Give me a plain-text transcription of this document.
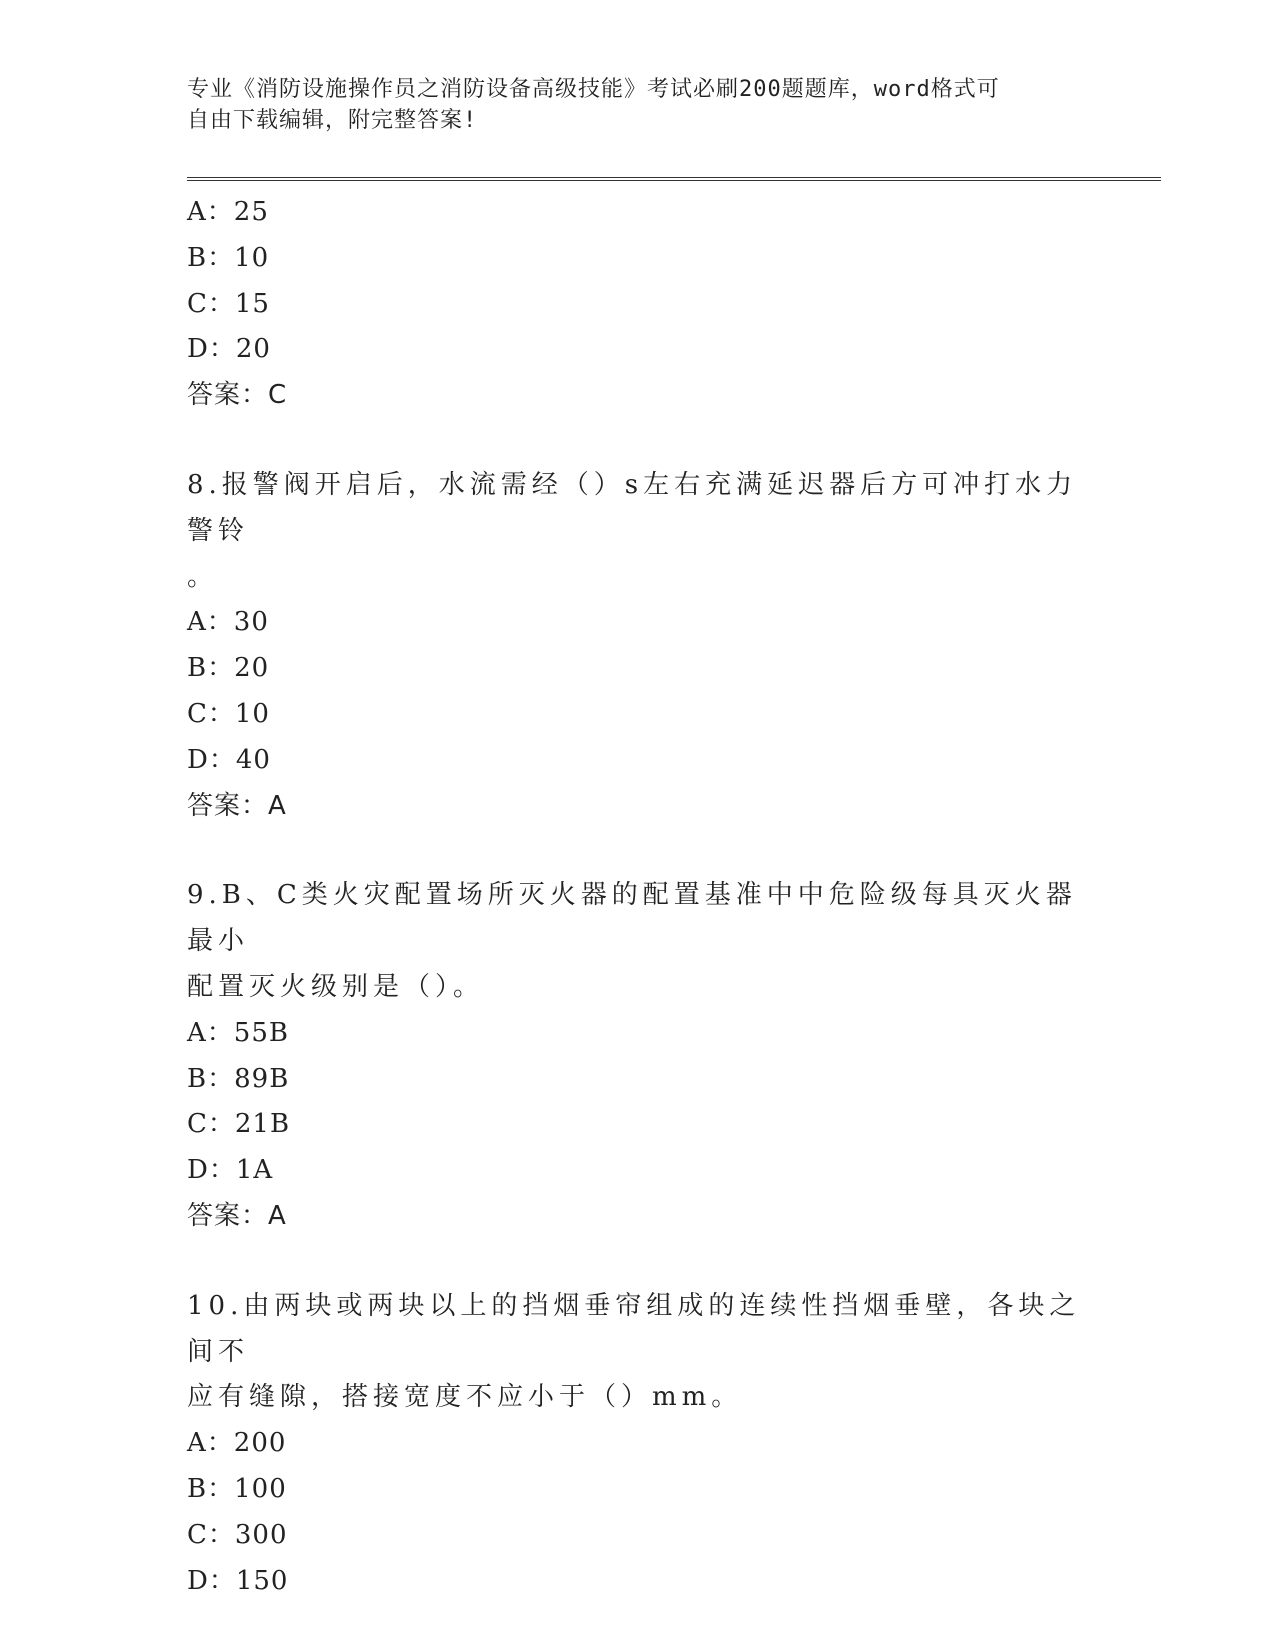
专业《消防设施操作员之消防设备高级技能》考试必刷200题题库，word格式可
自由下载编辑，附完整答案!
A：25
B：10
C：15
D：20
答案：C
8.报警阀开启后，水流需经（）s左右充满延迟器后方可冲打水力警铃
。
A：30
B：20
C：10
D：40
答案：A
9.B、C类火灾配置场所灭火器的配置基准中中危险级每具灭火器最小
配置灭火级别是（）。
A：55B
B：89B
C：21B
D：1A
答案：A
10.由两块或两块以上的挡烟垂帘组成的连续性挡烟垂壁，各块之间不
应有缝隙，搭接宽度不应小于（）mm。
A：200
B：100
C：300
D：150
